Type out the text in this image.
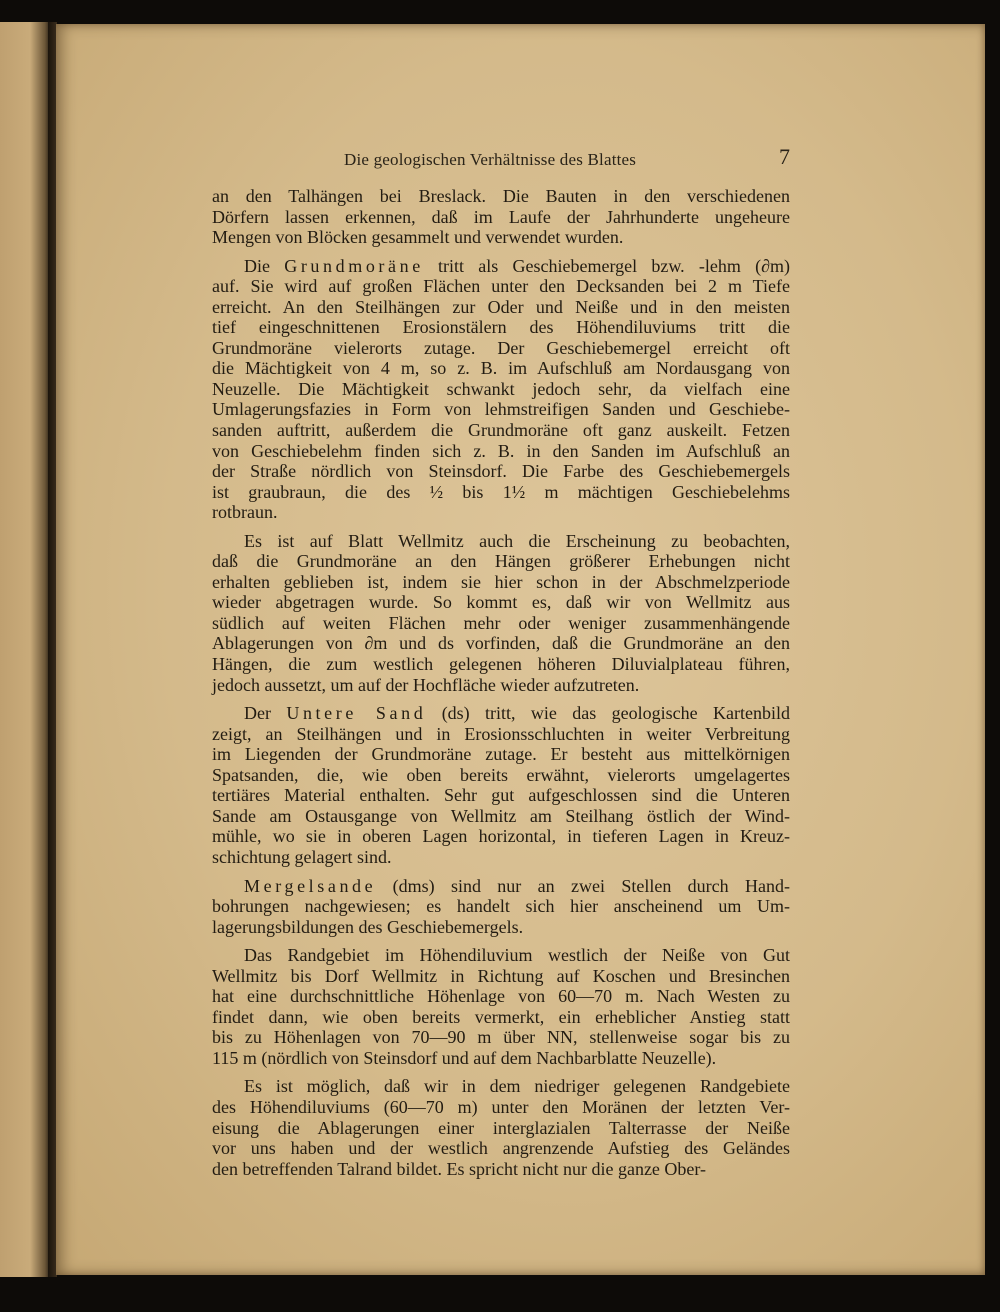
Die geologischen Verhältnisse des Blattes	7
an den Talhängen bei Breslack. Die Bauten in den verschiedenen
Dörfern lassen erkennen, daß im Laufe der Jahrhunderte ungeheure
Mengen von Blöcken gesammelt und verwendet wurden.
Die Grundmoräne tritt als Geschiebemergel bzw. -lehm (∂m)
auf. Sie wird auf großen Flächen unter den Decksanden bei 2 m Tiefe
erreicht. An den Steilhängen zur Oder und Neiße und in den meisten
tief eingeschnittenen Erosionstälern des Höhendiluviums tritt die
Grundmoräne vielerorts zutage. Der Geschiebemergel erreicht oft
die Mächtigkeit von 4 m, so z. B. im Aufschluß am Nordausgang von
Neuzelle. Die Mächtigkeit schwankt jedoch sehr, da vielfach eine
Umlagerungsfazies in Form von lehmstreifigen Sanden und Geschiebe-
sanden auftritt, außerdem die Grundmoräne oft ganz auskeilt. Fetzen
von Geschiebelehm finden sich z. B. in den Sanden im Aufschluß an
der Straße nördlich von Steinsdorf. Die Farbe des Geschiebemergels
ist graubraun, die des ½ bis 1½ m mächtigen Geschiebelehms
rotbraun.
Es ist auf Blatt Wellmitz auch die Erscheinung zu beobachten,
daß die Grundmoräne an den Hängen größerer Erhebungen nicht
erhalten geblieben ist, indem sie hier schon in der Abschmelzperiode
wieder abgetragen wurde. So kommt es, daß wir von Wellmitz aus
südlich auf weiten Flächen mehr oder weniger zusammenhängende
Ablagerungen von ∂m und ds vorfinden, daß die Grundmoräne an den
Hängen, die zum westlich gelegenen höheren Diluvialplateau führen,
jedoch aussetzt, um auf der Hochfläche wieder aufzutreten.
Der Untere Sand (ds) tritt, wie das geologische Kartenbild
zeigt, an Steilhängen und in Erosionsschluchten in weiter Verbreitung
im Liegenden der Grundmoräne zutage. Er besteht aus mittelkörnigen
Spatsanden, die, wie oben bereits erwähnt, vielerorts umgelagertes
tertiäres Material enthalten. Sehr gut aufgeschlossen sind die Unteren
Sande am Ostausgange von Wellmitz am Steilhang östlich der Wind-
mühle, wo sie in oberen Lagen horizontal, in tieferen Lagen in Kreuz-
schichtung gelagert sind.
Mergelsande (dms) sind nur an zwei Stellen durch Hand-
bohrungen nachgewiesen; es handelt sich hier anscheinend um Um-
lagerungsbildungen des Geschiebemergels.
Das Randgebiet im Höhendiluvium westlich der Neiße von Gut
Wellmitz bis Dorf Wellmitz in Richtung auf Koschen und Bresinchen
hat eine durchschnittliche Höhenlage von 60—70 m. Nach Westen zu
findet dann, wie oben bereits vermerkt, ein erheblicher Anstieg statt
bis zu Höhenlagen von 70—90 m über NN, stellenweise sogar bis zu
115 m (nördlich von Steinsdorf und auf dem Nachbarblatte Neuzelle).
Es ist möglich, daß wir in dem niedriger gelegenen Randgebiete
des Höhendiluviums (60—70 m) unter den Moränen der letzten Ver-
eisung die Ablagerungen einer interglazialen Talterrasse der Neiße
vor uns haben und der westlich angrenzende Aufstieg des Geländes
den betreffenden Talrand bildet. Es spricht nicht nur die ganze Ober-
